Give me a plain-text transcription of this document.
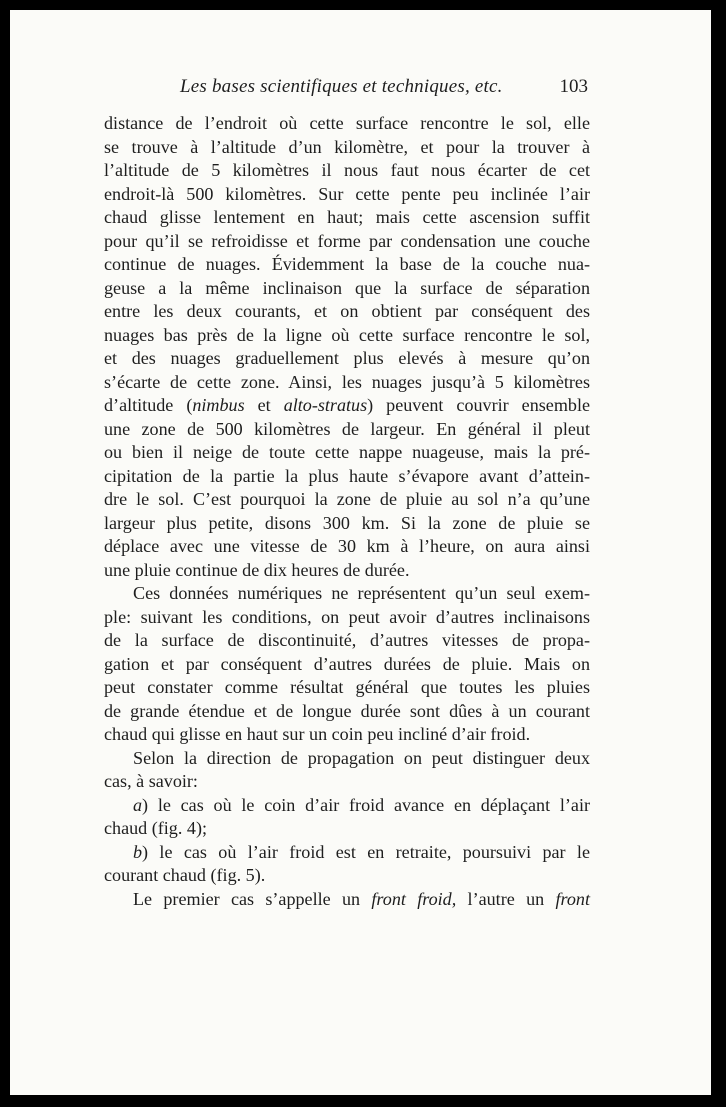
Les bases scientifiques et techniques, etc.	103
distance de l’endroit où cette surface rencontre le sol, elle
se trouve à l’altitude d’un kilomètre, et pour la trouver à
l’altitude de 5 kilomètres il nous faut nous écarter de cet
endroit-là 500 kilomètres. Sur cette pente peu inclinée l’air
chaud glisse lentement en haut; mais cette ascension suffit
pour qu’il se refroidisse et forme par condensation une couche
continue de nuages. Évidemment la base de la couche nua-
geuse a la même inclinaison que la surface de séparation
entre les deux courants, et on obtient par conséquent des
nuages bas près de la ligne où cette surface rencontre le sol,
et des nuages graduellement plus elevés à mesure qu’on
s’écarte de cette zone. Ainsi, les nuages jusqu’à 5 kilomètres
d’altitude (nimbus et alto-stratus) peuvent couvrir ensemble
une zone de 500 kilomètres de largeur. En général il pleut
ou bien il neige de toute cette nappe nuageuse, mais la pré-
cipitation de la partie la plus haute s’évapore avant d’attein-
dre le sol. C’est pourquoi la zone de pluie au sol n’a qu’une
largeur plus petite, disons 300 km. Si la zone de pluie se
déplace avec une vitesse de 30 km à l’heure, on aura ainsi
une pluie continue de dix heures de durée.
Ces données numériques ne représentent qu’un seul exem-
ple: suivant les conditions, on peut avoir d’autres inclinaisons
de la surface de discontinuité, d’autres vitesses de propa-
gation et par conséquent d’autres durées de pluie. Mais on
peut constater comme résultat général que toutes les pluies
de grande étendue et de longue durée sont dûes à un courant
chaud qui glisse en haut sur un coin peu incliné d’air froid.
Selon la direction de propagation on peut distinguer deux
cas, à savoir:
a) le cas où le coin d’air froid avance en déplaçant l’air
chaud (fig. 4);
b) le cas où l’air froid est en retraite, poursuivi par le
courant chaud (fig. 5).
Le premier cas s’appelle un front froid, l’autre un front
